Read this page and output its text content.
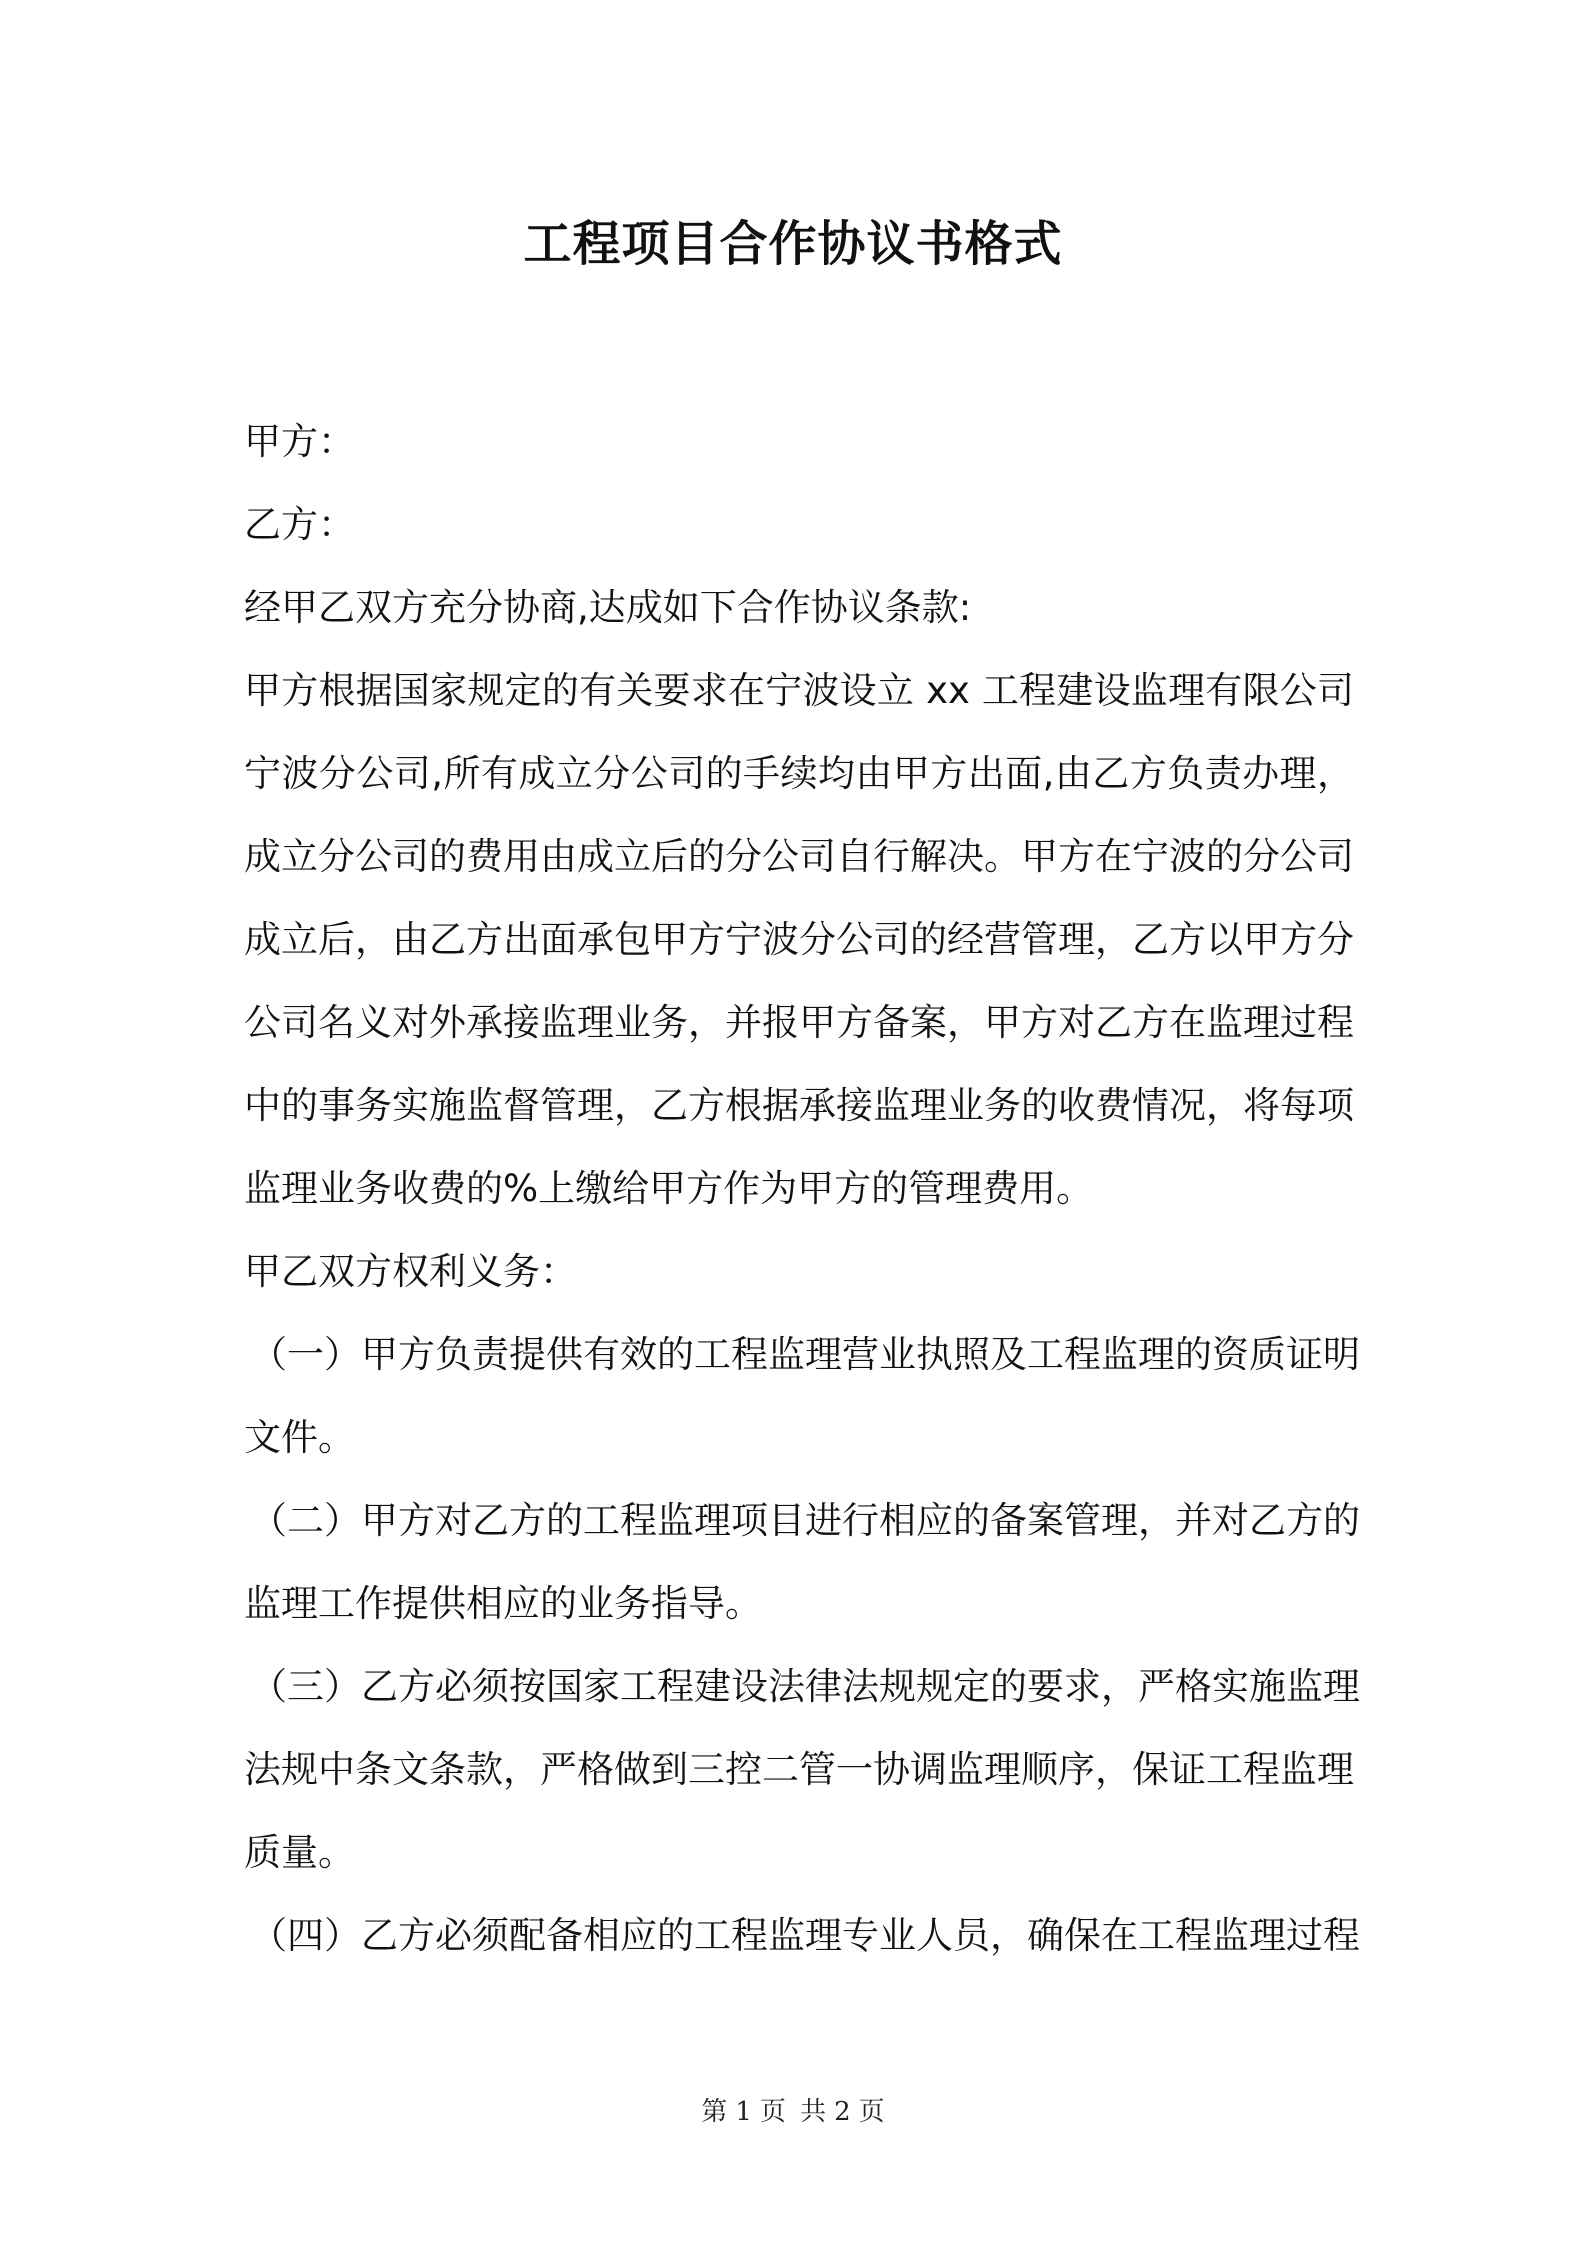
工程项目合作协议书格式
甲方：
乙方：
经甲乙双方充分协商,达成如下合作协议条款:
甲方根据国家规定的有关要求在宁波设立 xx 工程建设监理有限公司
宁波分公司,所有成立分公司的手续均由甲方出面,由乙方负责办理，
成立分公司的费用由成立后的分公司自行解决。甲方在宁波的分公司
成立后，由乙方出面承包甲方宁波分公司的经营管理，乙方以甲方分
公司名义对外承接监理业务，并报甲方备案，甲方对乙方在监理过程
中的事务实施监督管理，乙方根据承接监理业务的收费情况，将每项
监理业务收费的%上缴给甲方作为甲方的管理费用。
甲乙双方权利义务：
（一）甲方负责提供有效的工程监理营业执照及工程监理的资质证明
文件。
（二）甲方对乙方的工程监理项目进行相应的备案管理，并对乙方的
监理工作提供相应的业务指导。
（三）乙方必须按国家工程建设法律法规规定的要求，严格实施监理
法规中条文条款，严格做到三控二管一协调监理顺序，保证工程监理
质量。
（四）乙方必须配备相应的工程监理专业人员，确保在工程监理过程
第 1 页 共 2 页
